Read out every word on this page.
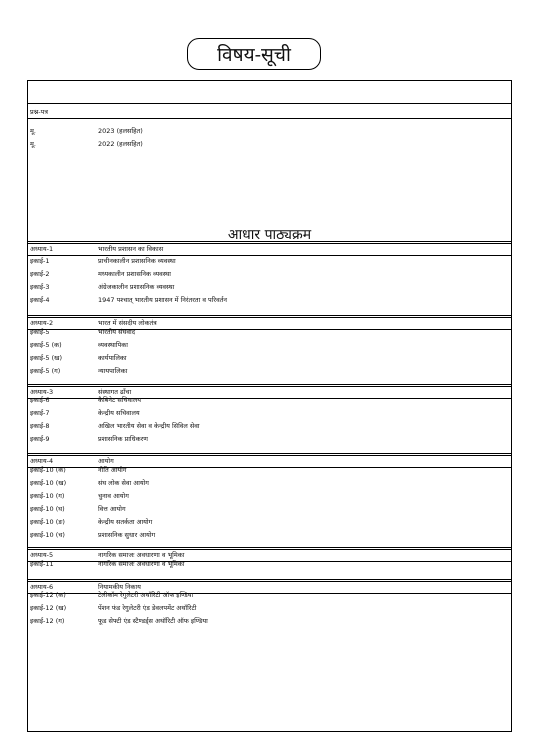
विषय-सूची
प्रश्न-पत्र
मू.	2023 (हलसहित)
मू.	2022 (हलसहित)
आधार पाठ्यक्रम
अध्याय-1	भारतीय प्रशासन का विकास
इकाई-1	प्राचीनकालीन प्रशासनिक व्यवस्था
इकाई-2	मध्यकालीन प्रशासनिक व्यवस्था
इकाई-3	अंग्रेजकालीन प्रशासनिक व्यवस्था
इकाई-4	1947 पश्चात् भारतीय प्रशासन में निरंतरता व परिवर्तन
अध्याय-2	भारत में संसदीय लोकतंत्र
इकाई-5	भारतीय संघवाद
इकाई-5 (क)	व्यवस्थापिका
इकाई-5 (ख)	कार्यपालिका
इकाई-5 (ग)	न्यायपालिका
अध्याय-3	संस्थागत ढाँचा
इकाई-6	कैबिनेट सचिवालय
इकाई-7	केन्द्रीय सचिवालय
इकाई-8	अखिल भारतीय सेवा व केन्द्रीय सिविल सेवा
इकाई-9	प्रशासनिक प्राधिकरण
अध्याय-4	आयोग
इकाई-10 (क)	नीति आयोग
इकाई-10 (ख)	संघ लोक सेवा आयोग
इकाई-10 (ग)	चुनाव आयोग
इकाई-10 (घ)	वित्त आयोग
इकाई-10 (ङ)	केन्द्रीय सतर्कता आयोग
इकाई-10 (च)	प्रशासनिक सुधार आयोग
अध्याय-5	नागरिक समाजः अवधारणा व भूमिका
इकाई-11	नागरिक समाजः अवधारणा व भूमिका
अध्याय-6	नियामकीय निकाय
इकाई-12 (क)	टेलीकॉम रेगुलेटरी अथॉरिटी ऑफ इण्डिया
इकाई-12 (ख)	पेंशन फंड रेगुलेटरी एंड डेवलपमेंट अथॉरिटी
इकाई-12 (ग)	फूड सेफ्टी एंड स्टैण्डर्ड्स अथॉरिटी ऑफ इण्डिया
